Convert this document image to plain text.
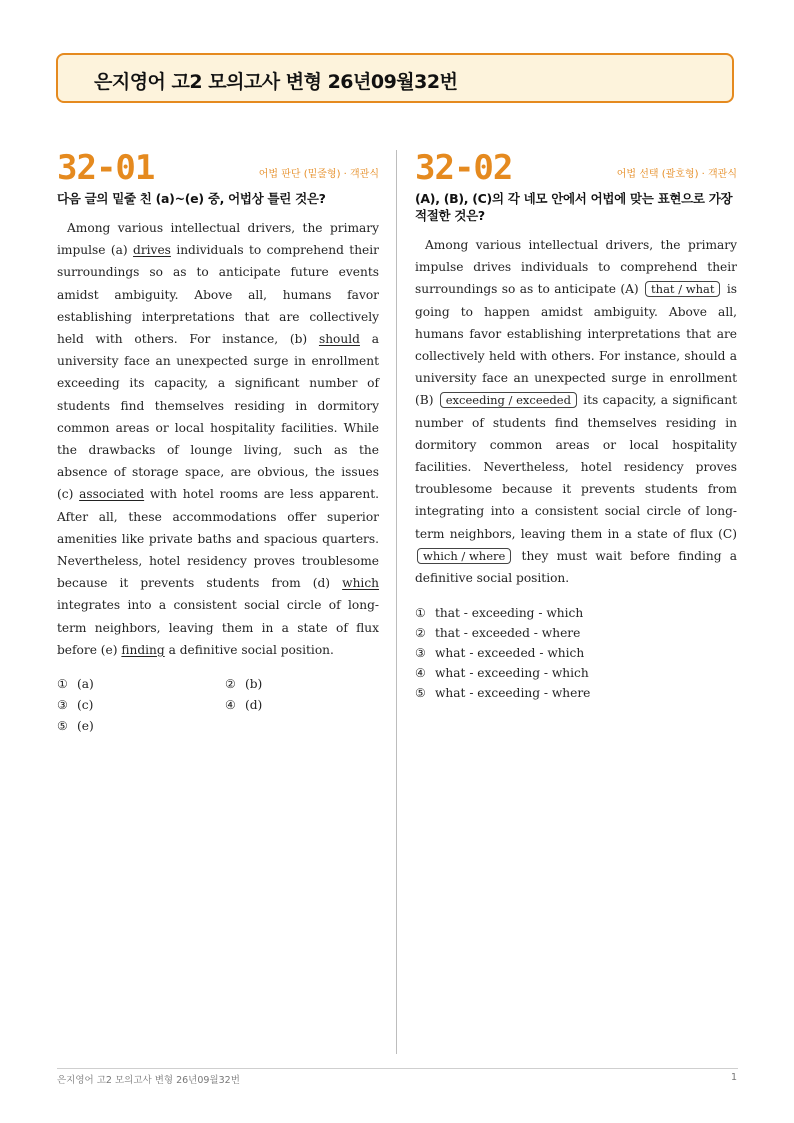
은지영어 고2 모의고사 변형 26년09월32번
32-01	어법 판단 (밑줄형) · 객관식
다음 글의 밑줄 친 (a)~(e) 중, 어법상 틀린 것은?
Among various intellectual drivers, the primary impulse (a) drives individuals to comprehend their surroundings so as to anticipate future events amidst ambiguity. Above all, humans favor establishing interpretations that are collectively held with others. For instance, (b) should a university face an unexpected surge in enrollment exceeding its capacity, a significant number of students find themselves residing in dormitory common areas or local hospitality facilities. While the drawbacks of lounge living, such as the absence of storage space, are obvious, the issues (c) associated with hotel rooms are less apparent. After all, these accommodations offer superior amenities like private baths and spacious quarters. Nevertheless, hotel residency proves troublesome because it prevents students from (d) which integrates into a consistent social circle of long-term neighbors, leaving them in a state of flux before (e) finding a definitive social position.
① (a)	② (b)
③ (c)	④ (d)
⑤ (e)
32-02	어법 선택 (괄호형) · 객관식
(A), (B), (C)의 각 네모 안에서 어법에 맞는 표현으로 가장 적절한 것은?
Among various intellectual drivers, the primary impulse drives individuals to comprehend their surroundings so as to anticipate (A) that / what is going to happen amidst ambiguity. Above all, humans favor establishing interpretations that are collectively held with others. For instance, should a university face an unexpected surge in enrollment (B) exceeding / exceeded its capacity, a significant number of students find themselves residing in dormitory common areas or local hospitality facilities. Nevertheless, hotel residency proves troublesome because it prevents students from integrating into a consistent social circle of long-term neighbors, leaving them in a state of flux (C) which / where they must wait before finding a definitive social position.
① that - exceeding - which
② that - exceeded - where
③ what - exceeded - which
④ what - exceeding - which
⑤ what - exceeding - where
은지영어 고2 모의고사 변형 26년09월32번	1
